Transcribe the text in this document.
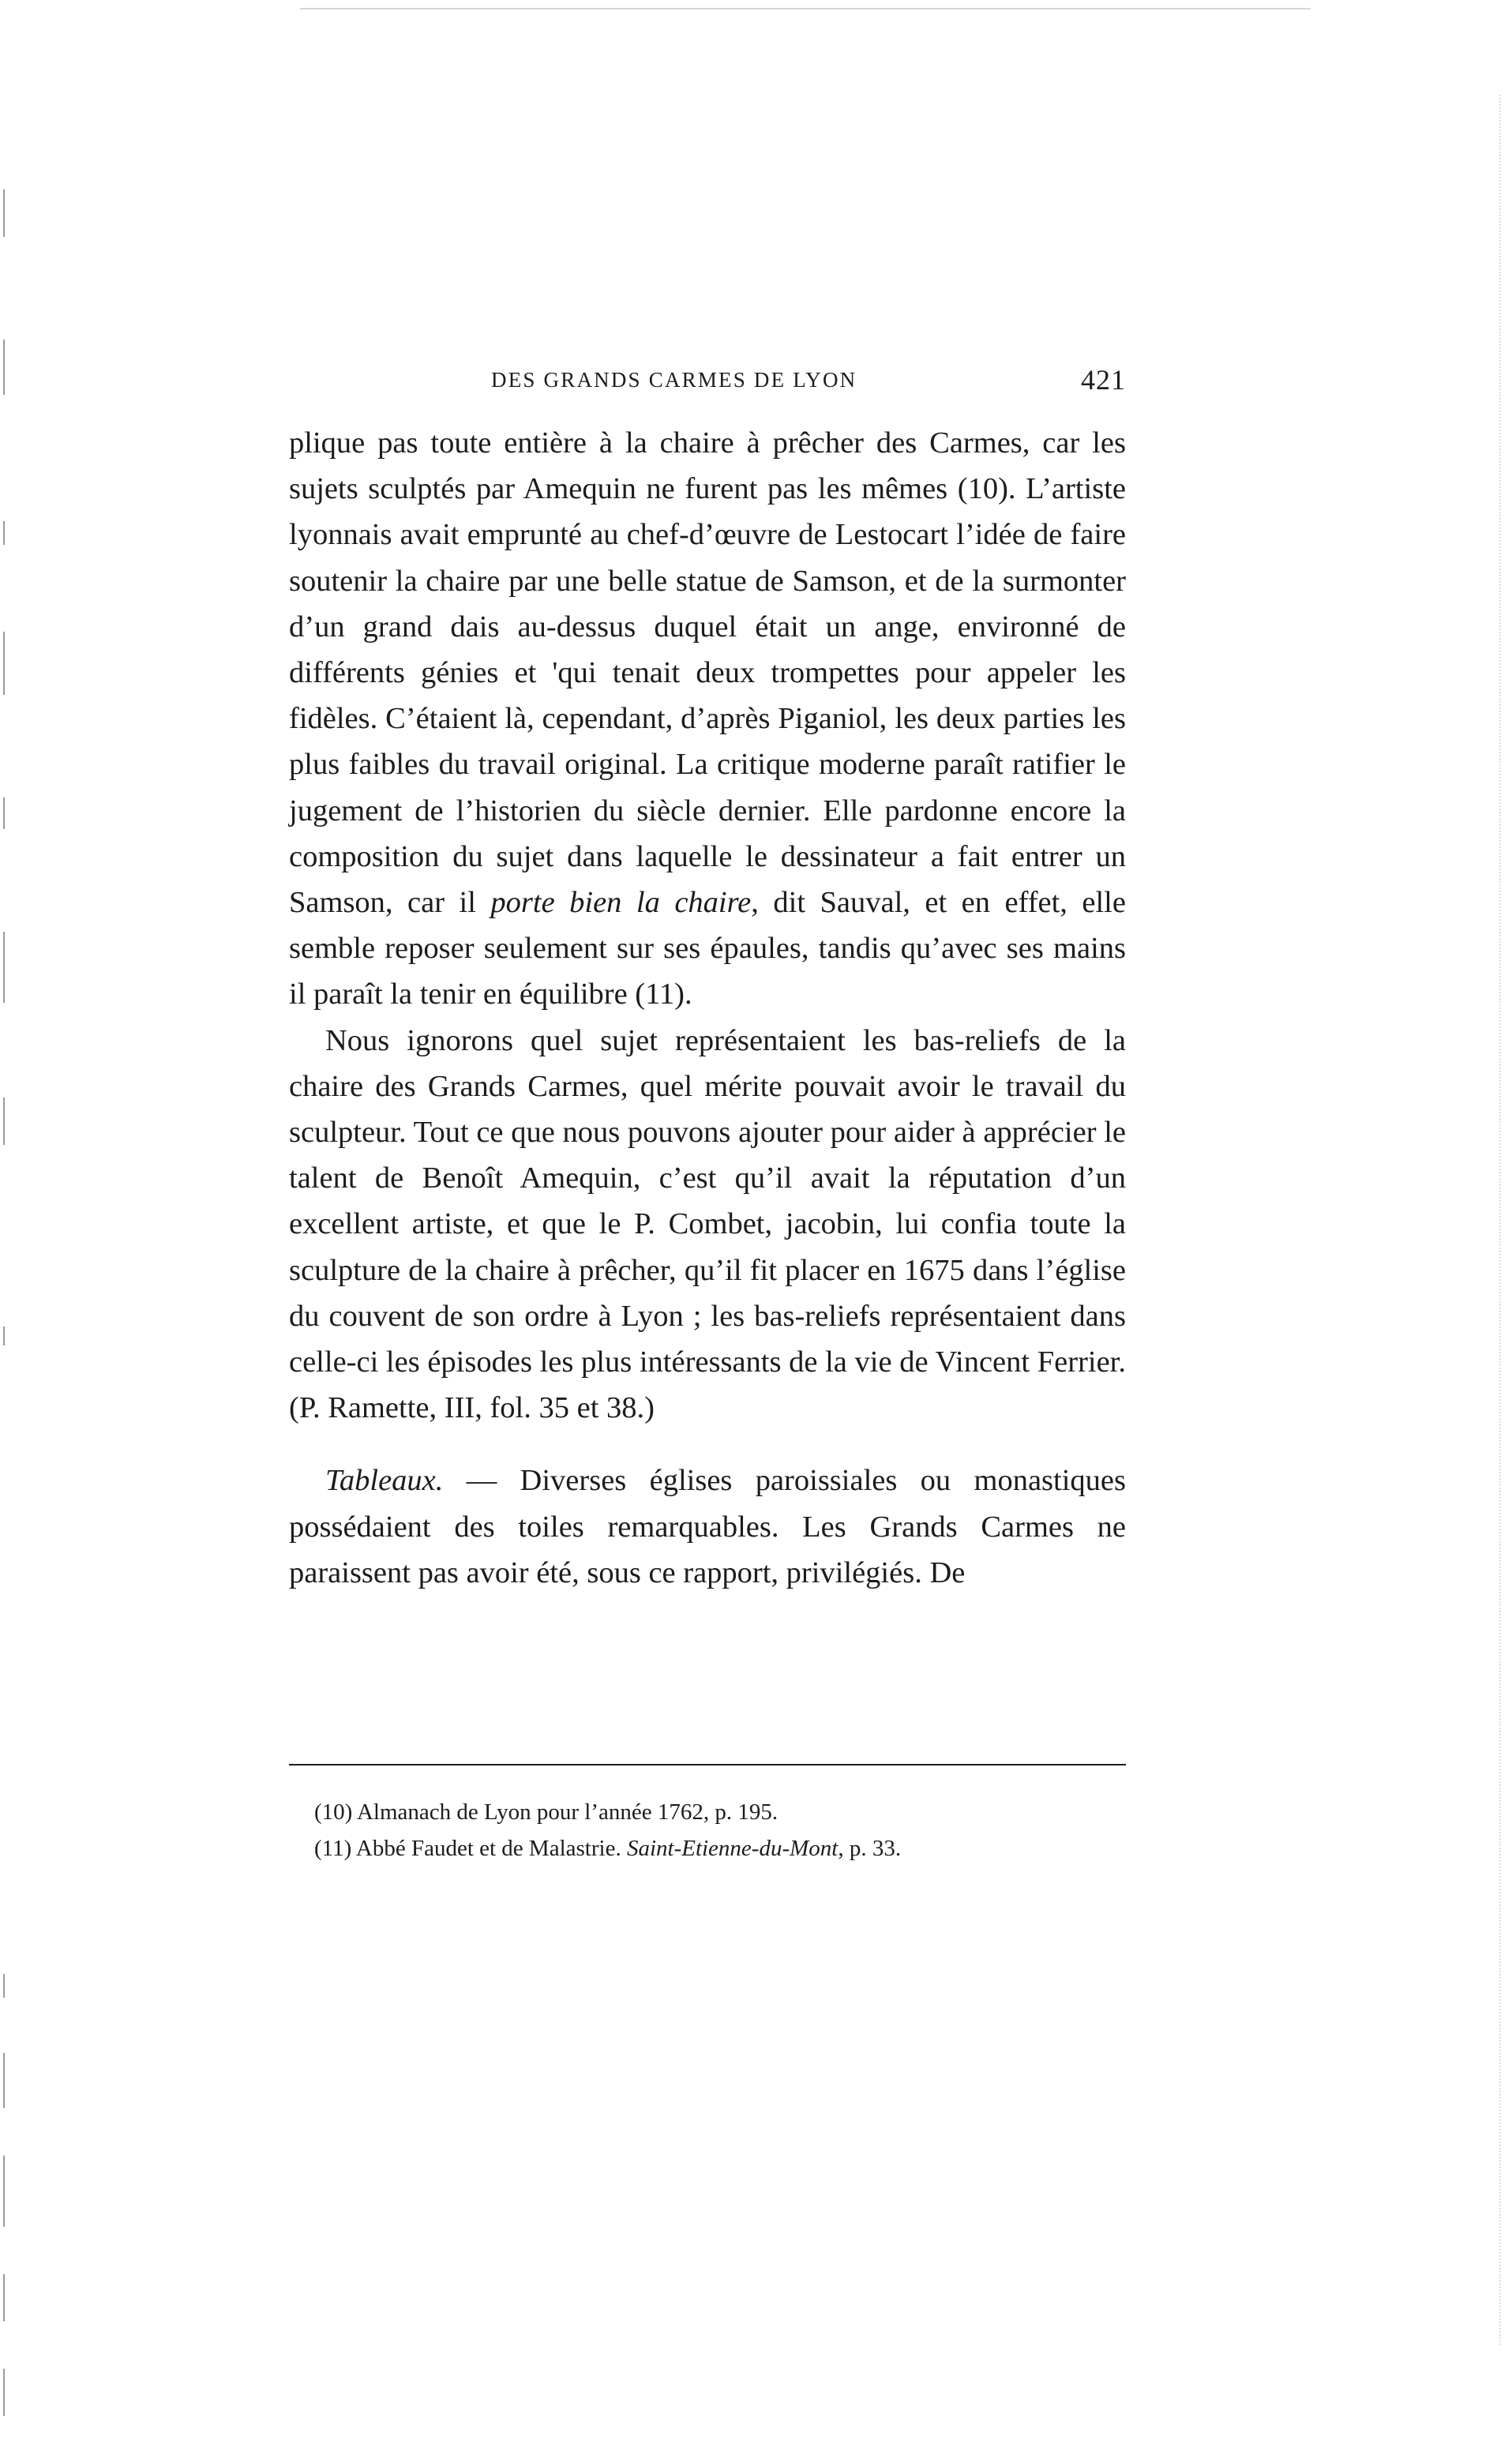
DES GRANDS CARMES DE LYON	421

plique pas toute entière à la chaire à prêcher des Carmes, car les sujets sculptés par Amequin ne furent pas les mêmes (10). L’artiste lyonnais avait emprunté au chef-d’œuvre de Lestocart l’idée de faire soutenir la chaire par une belle statue de Samson, et de la surmonter d’un grand dais au-dessus duquel était un ange, environné de différents génies et 'qui tenait deux trompettes pour appeler les fidèles. C’étaient là, cependant, d’après Piganiol, les deux parties les plus faibles du travail original. La critique moderne paraît ratifier le jugement de l’historien du siècle dernier. Elle pardonne encore la composition du sujet dans laquelle le dessinateur a fait entrer un Samson, car il porte bien la chaire, dit Sauval, et en effet, elle semble reposer seulement sur ses épaules, tandis qu’avec ses mains il paraît la tenir en équilibre (11).

Nous ignorons quel sujet représentaient les bas-reliefs de la chaire des Grands Carmes, quel mérite pouvait avoir le travail du sculpteur. Tout ce que nous pouvons ajouter pour aider à apprécier le talent de Benoît Amequin, c’est qu’il avait la réputation d’un excellent artiste, et que le P. Combet, jacobin, lui confia toute la sculpture de la chaire à prêcher, qu’il fit placer en 1675 dans l’église du couvent de son ordre à Lyon ; les bas-reliefs représentaient dans celle-ci les épisodes les plus intéressants de la vie de Vincent Ferrier. (P. Ramette, III, fol. 35 et 38.)

Tableaux. — Diverses églises paroissiales ou monastiques possédaient des toiles remarquables. Les Grands Carmes ne paraissent pas avoir été, sous ce rapport, privilégiés. De

(10) Almanach de Lyon pour l’année 1762, p. 195.

(11) Abbé Faudet et de Malastrie. Saint-Etienne-du-Mont, p. 33.
